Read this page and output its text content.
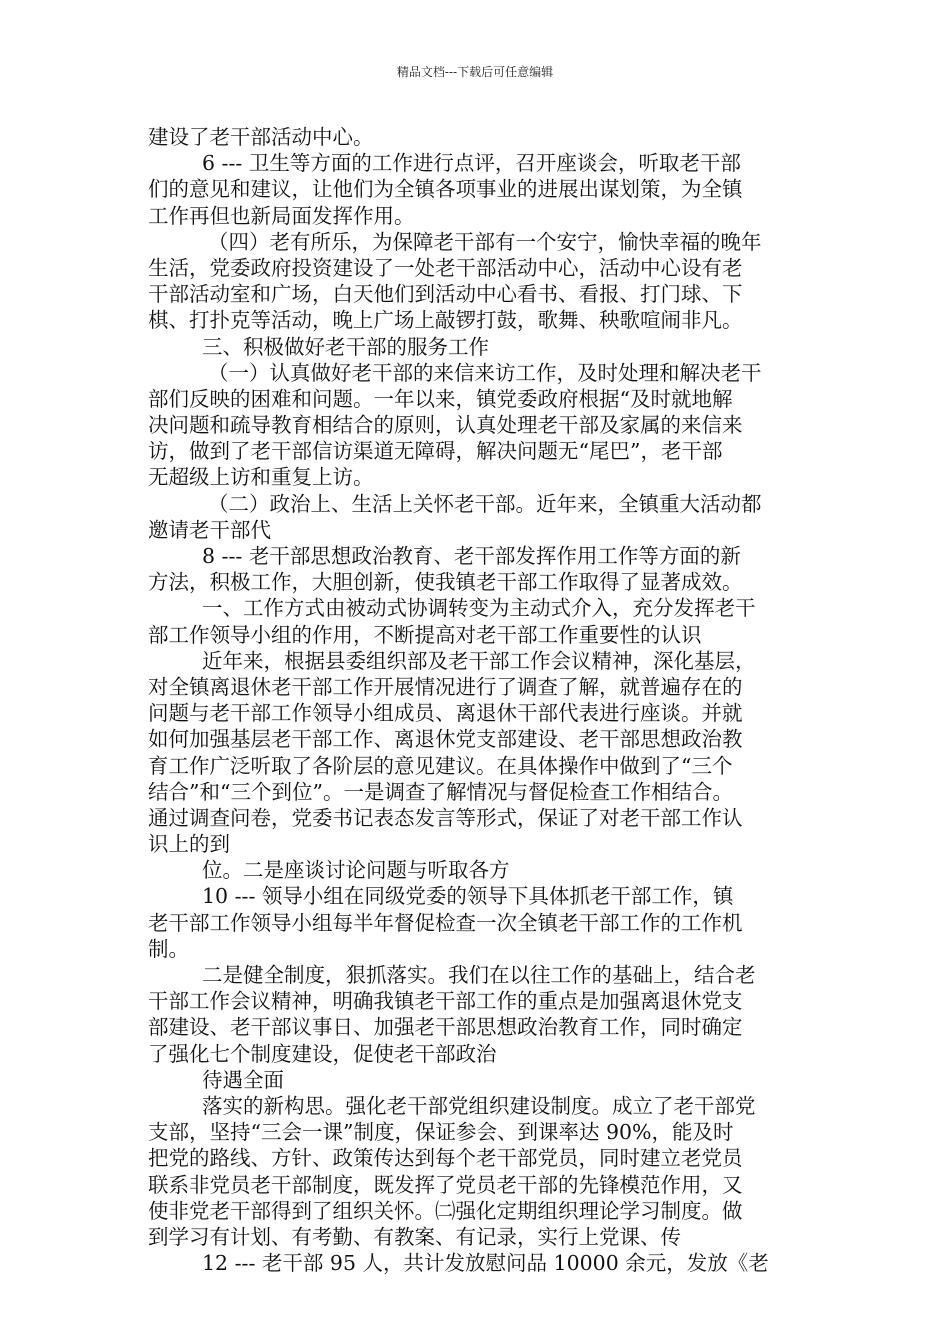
精品文档---下载后可任意编辑
建设了老干部活动中心。
6 --- 卫生等方面的工作进行点评，召开座谈会，听取老干部
们的意见和建议，让他们为全镇各项事业的进展出谋划策，为全镇
工作再但也新局面发挥作用。
（四）老有所乐，为保障老干部有一个安宁，愉快幸福的晚年
生活，党委政府投资建设了一处老干部活动中心，活动中心设有老
干部活动室和广场，白天他们到活动中心看书、看报、打门球、下
棋、打扑克等活动，晚上广场上敲锣打鼓，歌舞、秧歌喧闹非凡。
三、积极做好老干部的服务工作
（一）认真做好老干部的来信来访工作，及时处理和解决老干
部们反映的困难和问题。一年以来，镇党委政府根据“及时就地解
决问题和疏导教育相结合的原则，认真处理老干部及家属的来信来
访，做到了老干部信访渠道无障碍，解决问题无“尾巴”，老干部
无超级上访和重复上访。
（二）政治上、生活上关怀老干部。近年来，全镇重大活动都
邀请老干部代
8 --- 老干部思想政治教育、老干部发挥作用工作等方面的新
方法，积极工作，大胆创新，使我镇老干部工作取得了显著成效。
一、工作方式由被动式协调转变为主动式介入，充分发挥老干
部工作领导小组的作用，不断提高对老干部工作重要性的认识
近年来，根据县委组织部及老干部工作会议精神，深化基层，
对全镇离退休老干部工作开展情况进行了调查了解，就普遍存在的
问题与老干部工作领导小组成员、离退休干部代表进行座谈。并就
如何加强基层老干部工作、离退休党支部建设、老干部思想政治教
育工作广泛听取了各阶层的意见建议。在具体操作中做到了“三个
结合”和“三个到位”。一是调查了解情况与督促检查工作相结合。
通过调查问卷，党委书记表态发言等形式，保证了对老干部工作认
识上的到
位。二是座谈讨论问题与听取各方
10 --- 领导小组在同级党委的领导下具体抓老干部工作，镇
老干部工作领导小组每半年督促检查一次全镇老干部工作的工作机
制。
二是健全制度，狠抓落实。我们在以往工作的基础上，结合老
干部工作会议精神，明确我镇老干部工作的重点是加强离退休党支
部建设、老干部议事日、加强老干部思想政治教育工作，同时确定
了强化七个制度建设，促使老干部政治
待遇全面
落实的新构思。强化老干部党组织建设制度。成立了老干部党
支部，坚持“三会一课”制度，保证参会、到课率达 90%，能及时
把党的路线、方针、政策传达到每个老干部党员，同时建立老党员
联系非党员老干部制度，既发挥了党员老干部的先锋模范作用，又
使非党老干部得到了组织关怀。㈡强化定期组织理论学习制度。做
到学习有计划、有考勤、有教案、有记录，实行上党课、传
12 --- 老干部 95 人，共计发放慰问品 10000 余元，发放《老
